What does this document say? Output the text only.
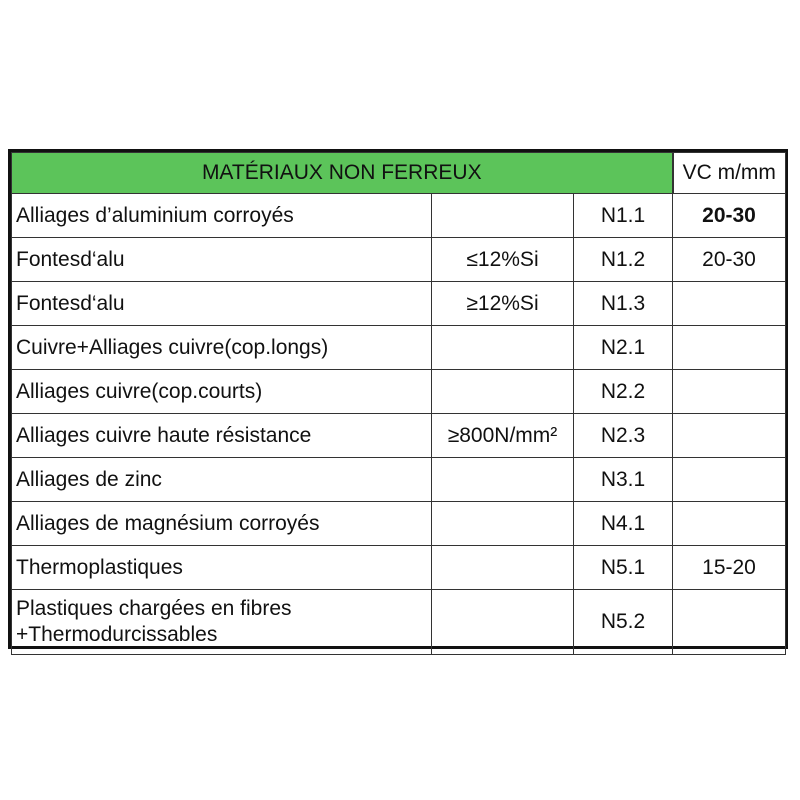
MATÉRIAUX NON FERREUX			VC m/mm
Alliages d’aluminium corroyés		N1.1	20-30
Fontesd‘alu	≤12%Si	N1.2	20-30
Fontesd‘alu	≥12%Si	N1.3	
Cuivre+Alliages cuivre(cop.longs)		N2.1	
Alliages cuivre(cop.courts)		N2.2	
Alliages cuivre haute résistance	≥800N/mm²	N2.3	
Alliages de zinc		N3.1	
Alliages de magnésium corroyés		N4.1	
Thermoplastiques		N5.1	15-20
Plastiques chargées en fibres +Thermodurcissables		N5.2	
